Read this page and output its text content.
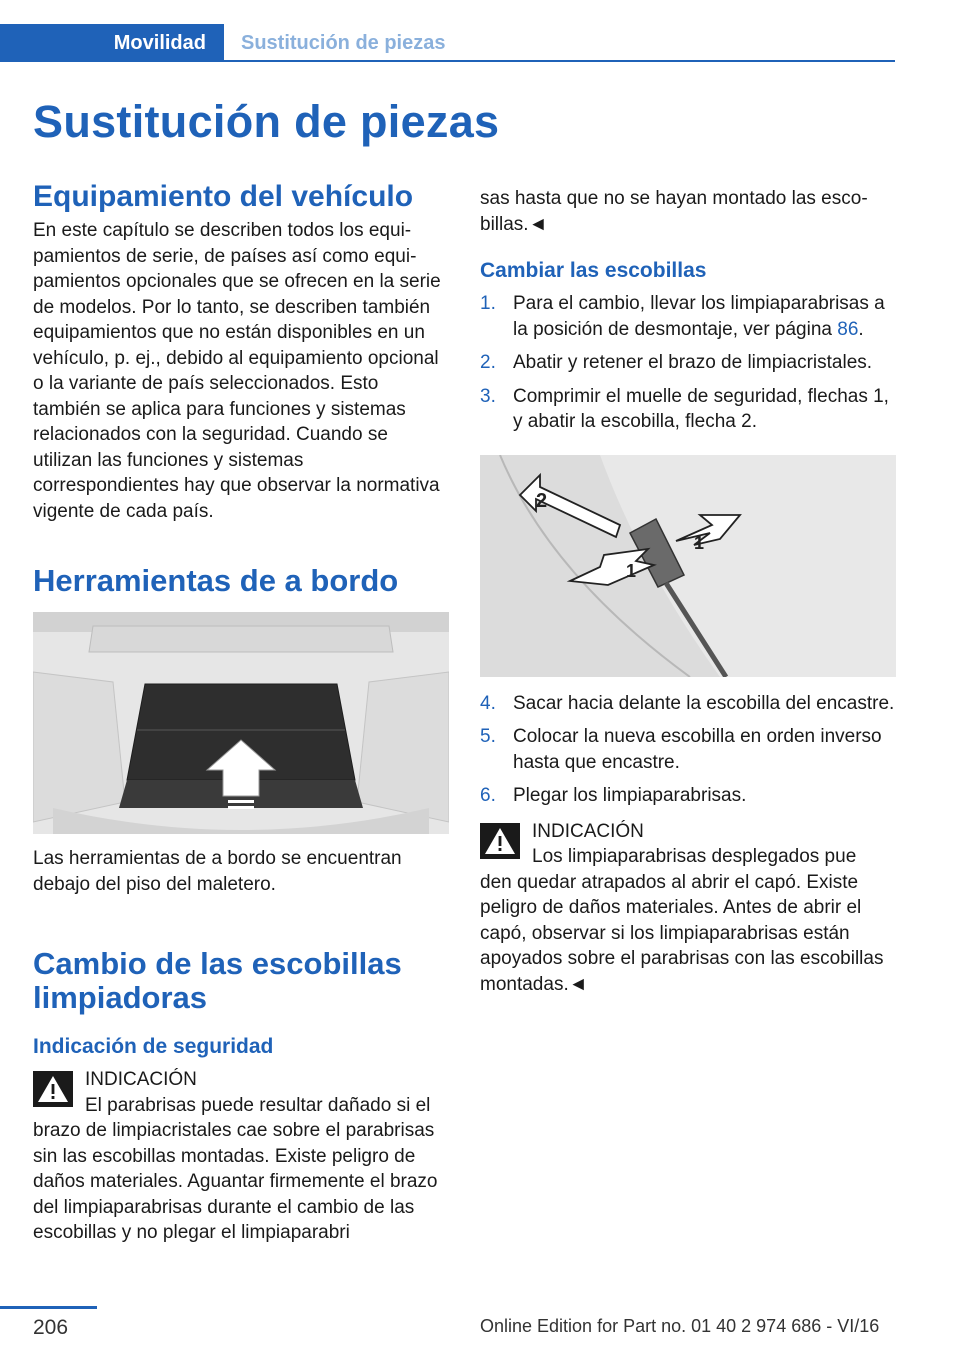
Movilidad	Sustitución de piezas
Sustitución de piezas
Equipamiento del vehículo

En este capítulo se describen todos los equipamientos de serie, de países así como equipamientos opcionales que se ofrecen en la serie de modelos. Por lo tanto, se describen también equipamientos que no están disponibles en un vehículo, p. ej., debido al equipamiento opcional o la variante de país seleccionados. Esto también se aplica para funciones y sistemas relacionados con la seguridad. Cuando se utilizan las funciones y sistemas correspondientes hay que observar la normativa vigente de cada país.

Herramientas de a bordo

Las herramientas de a bordo se encuentran debajo del piso del maletero.

Cambio de las escobillas limpiadoras
Indicación de seguridad
INDICACIÓN

El parabrisas puede resultar dañado si el

brazo de limpiacristales cae sobre el parabrisas sin las escobillas montadas. Existe peligro de daños materiales. Aguantar firmemente el brazo del limpiaparabrisas durante el cambio de las escobillas y no plegar el limpiaparabri

sas hasta que no se hayan montado las escobillas.◄

Cambiar las escobillas
1. Para el cambio, llevar los limpiaparabrisas a la posición de desmontaje, ver página 86.
2. Abatir y retener el brazo de limpiacristales.
3. Comprimir el muelle de seguridad, flechas 1, y abatir la escobilla, flecha 2.
2
1
1
4. Sacar hacia delante la escobilla del encastre.
5. Colocar la nueva escobilla en orden inverso hasta que encastre.
6. Plegar los limpiaparabrisas.
INDICACIÓN

Los limpiaparabrisas desplegados pue

den quedar atrapados al abrir el capó. Existe peligro de daños materiales. Antes de abrir el capó, observar si los limpiaparabrisas están apoyados sobre el parabrisas con las escobillas montadas.◄

206	Online Edition for Part no. 01 40 2 974 686 - VI/16
